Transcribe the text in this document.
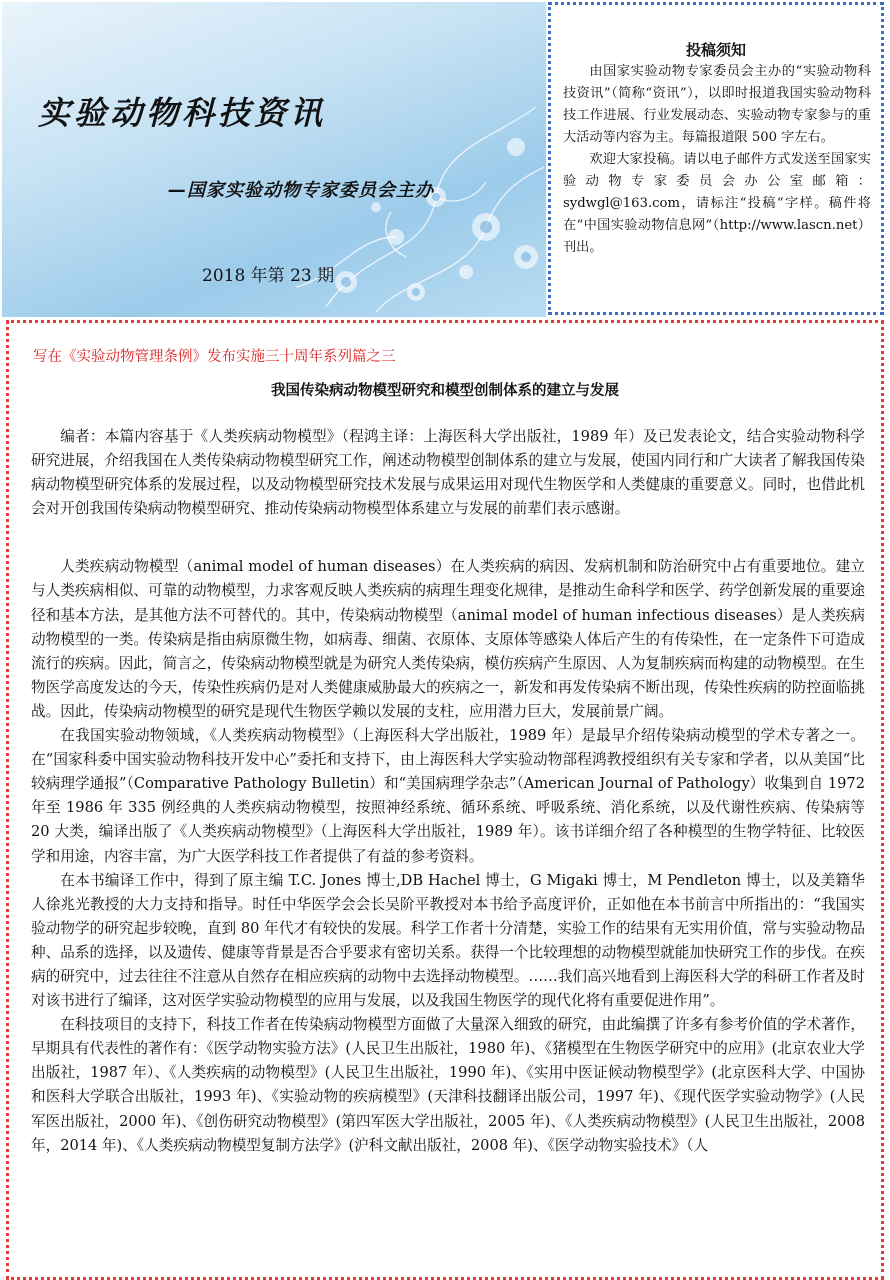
实验动物科技资讯
—国家实验动物专家委员会主办
2018 年第 23 期
投稿须知

由国家实验动物专家委员会主办的“实验动物科技资讯”（简称“资讯”），以即时报道我国实验动物科技工作进展、行业发展动态、实验动物专家参与的重大活动等内容为主。每篇报道限 500 字左右。

欢迎大家投稿。请以电子邮件方式发送至国家实验动物专家委员会办公室邮箱：sydwgl@163.com，请标注“投稿”字样。稿件将在“中国实验动物信息网”（http://www.lascn.net）刊出。

写在《实验动物管理条例》发布实施三十周年系列篇之三
我国传染病动物模型研究和模型创制体系的建立与发展

编者：本篇内容基于《人类疾病动物模型》（程鸿主译：上海医科大学出版社，1989 年）及已发表论文，结合实验动物科学研究进展，介绍我国在人类传染病动物模型研究工作，阐述动物模型创制体系的建立与发展，使国内同行和广大读者了解我国传染病动物模型研究体系的发展过程，以及动物模型研究技术发展与成果运用对现代生物医学和人类健康的重要意义。同时，也借此机会对开创我国传染病动物模型研究、推动传染病动物模型体系建立与发展的前辈们表示感谢。

人类疾病动物模型（animal model of human diseases）在人类疾病的病因、发病机制和防治研究中占有重要地位。建立与人类疾病相似、可靠的动物模型，力求客观反映人类疾病的病理生理变化规律，是推动生命科学和医学、药学创新发展的重要途径和基本方法，是其他方法不可替代的。其中，传染病动物模型（animal model of human infectious diseases）是人类疾病动物模型的一类。传染病是指由病原微生物，如病毒、细菌、衣原体、支原体等感染人体后产生的有传染性，在一定条件下可造成流行的疾病。因此，简言之，传染病动物模型就是为研究人类传染病，模仿疾病产生原因、人为复制疾病而构建的动物模型。在生物医学高度发达的今天，传染性疾病仍是对人类健康威胁最大的疾病之一，新发和再发传染病不断出现，传染性疾病的防控面临挑战。因此，传染病动物模型的研究是现代生物医学赖以发展的支柱，应用潜力巨大，发展前景广阔。

在我国实验动物领域，《人类疾病动物模型》（上海医科大学出版社，1989 年）是最早介绍传染病动模型的学术专著之一。在“国家科委中国实验动物科技开发中心”委托和支持下，由上海医科大学实验动物部程鸿教授组织有关专家和学者，以从美国“比较病理学通报”（Comparative Pathology Bulletin）和“美国病理学杂志”（American Journal of Pathology）收集到自 1972 年至 1986 年 335 例经典的人类疾病动物模型，按照神经系统、循环系统、呼吸系统、消化系统，以及代谢性疾病、传染病等 20 大类，编译出版了《人类疾病动物模型》（上海医科大学出版社，1989 年）。该书详细介绍了各种模型的生物学特征、比较医学和用途，内容丰富，为广大医学科技工作者提供了有益的参考资料。

在本书编译工作中，得到了原主编 T.C. Jones 博士,DB Hachel 博士，G Migaki 博士，M Pendleton 博士，以及美籍华人徐兆光教授的大力支持和指导。时任中华医学会会长吴阶平教授对本书给予高度评价，正如他在本书前言中所指出的：“我国实验动物学的研究起步较晚，直到 80 年代才有较快的发展。科学工作者十分清楚，实验工作的结果有无实用价值，常与实验动物品种、品系的选择，以及遗传、健康等背景是否合乎要求有密切关系。获得一个比较理想的动物模型就能加快研究工作的步伐。在疾病的研究中，过去往往不注意从自然存在相应疾病的动物中去选择动物模型。……我们高兴地看到上海医科大学的科研工作者及时对该书进行了编译，这对医学实验动物模型的应用与发展，以及我国生物医学的现代化将有重要促进作用”。

在科技项目的支持下，科技工作者在传染病动物模型方面做了大量深入细致的研究，由此编撰了许多有参考价值的学术著作，早期具有代表性的著作有：《医学动物实验方法》(人民卫生出版社，1980 年)、《猪模型在生物医学研究中的应用》(北京农业大学出版社，1987 年）、《人类疾病的动物模型》(人民卫生出版社，1990 年)、《实用中医证候动物模型学》(北京医科大学、中国协和医科大学联合出版社，1993 年)、《实验动物的疾病模型》(天津科技翻译出版公司，1997 年)、《现代医学实验动物学》(人民军医出版社，2000 年)、《创伤研究动物模型》(第四军医大学出版社，2005 年)、《人类疾病动物模型》(人民卫生出版社，2008 年，2014 年)、《人类疾病动物模型复制方法学》(沪科文献出版社，2008 年)、《医学动物实验技术》（人
